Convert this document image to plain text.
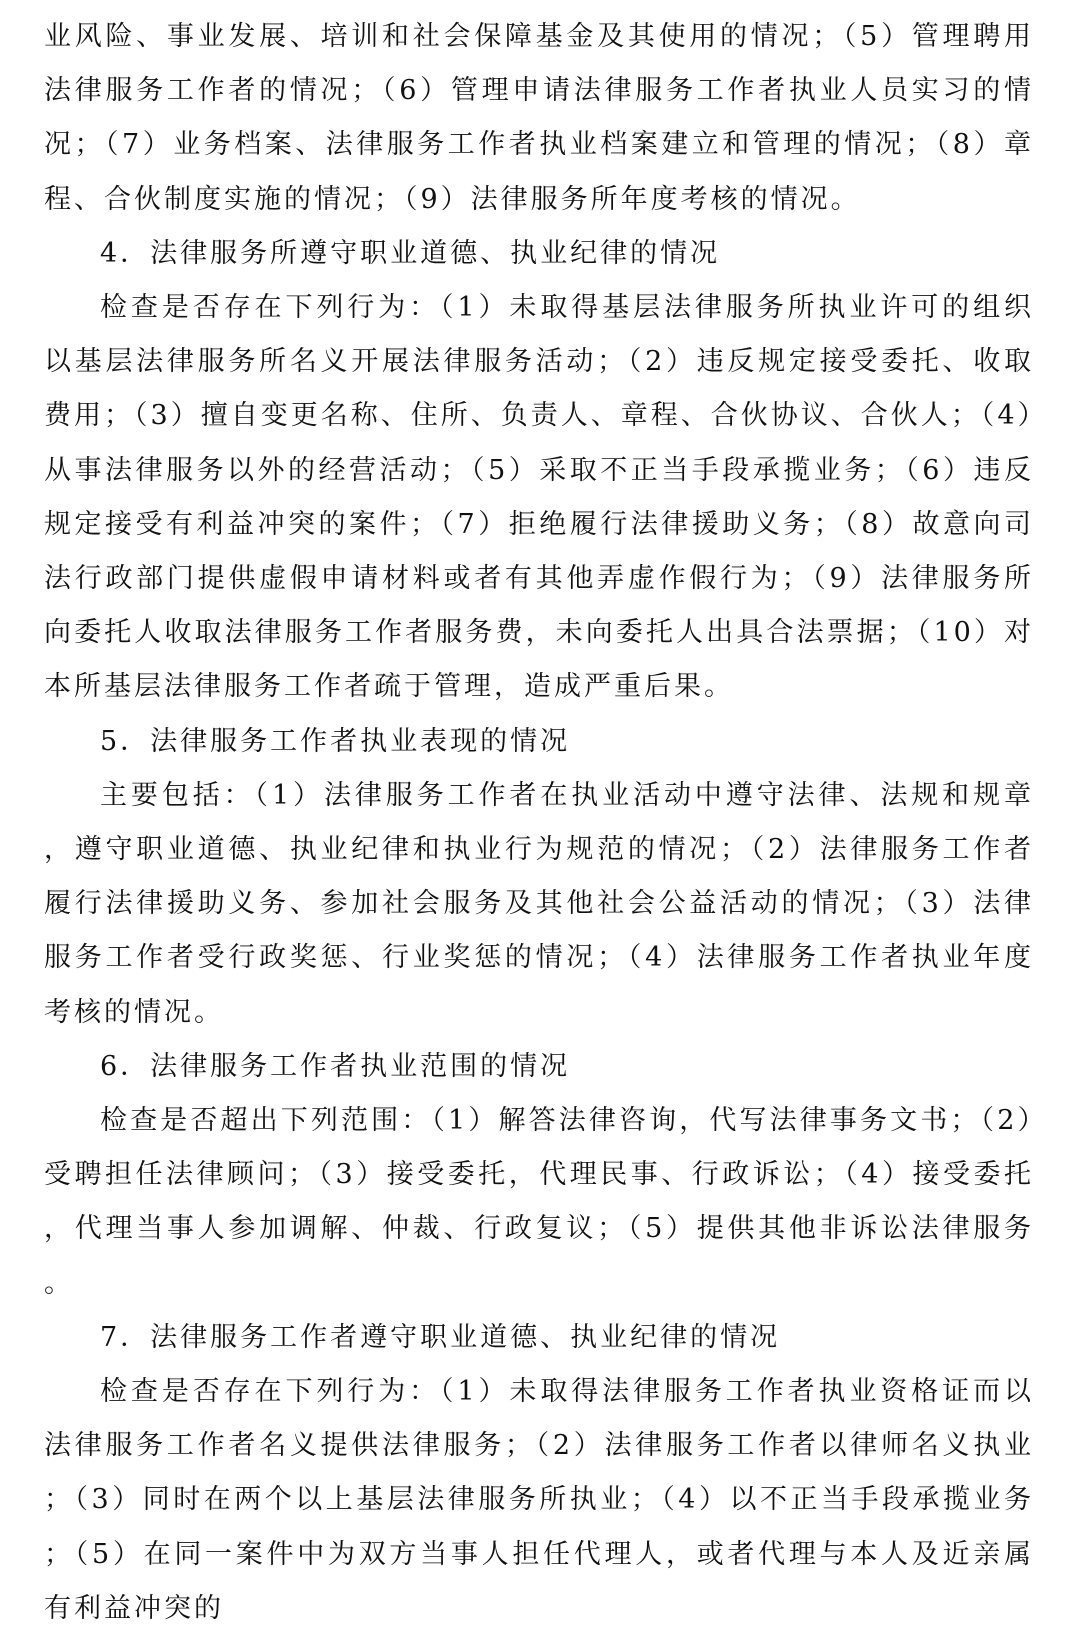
业风险、事业发展、培训和社会保障基金及其使用的情况；（5）管理聘用法律服务工作者的情况；（6）管理申请法律服务工作者执业人员实习的情况；（7）业务档案、法律服务工作者执业档案建立和管理的情况；（8）章程、合伙制度实施的情况；（9）法律服务所年度考核的情况。

4．法律服务所遵守职业道德、执业纪律的情况

检查是否存在下列行为：（1）未取得基层法律服务所执业许可的组织以基层法律服务所名义开展法律服务活动；（2）违反规定接受委托、收取费用；（3）擅自变更名称、住所、负责人、章程、合伙协议、合伙人；（4）从事法律服务以外的经营活动；（5）采取不正当手段承揽业务；（6）违反规定接受有利益冲突的案件；（7）拒绝履行法律援助义务；（8）故意向司法行政部门提供虚假申请材料或者有其他弄虚作假行为；（9）法律服务所向委托人收取法律服务工作者服务费，未向委托人出具合法票据；（10）对本所基层法律服务工作者疏于管理，造成严重后果。

5．法律服务工作者执业表现的情况

主要包括：（1）法律服务工作者在执业活动中遵守法律、法规和规章，遵守职业道德、执业纪律和执业行为规范的情况；（2）法律服务工作者履行法律援助义务、参加社会服务及其他社会公益活动的情况；（3）法律服务工作者受行政奖惩、行业奖惩的情况；（4）法律服务工作者执业年度考核的情况。

6．法律服务工作者执业范围的情况

检查是否超出下列范围：（1）解答法律咨询，代写法律事务文书；（2）受聘担任法律顾问；（3）接受委托，代理民事、行政诉讼；（4）接受委托，代理当事人参加调解、仲裁、行政复议；（5）提供其他非诉讼法律服务。

7．法律服务工作者遵守职业道德、执业纪律的情况

检查是否存在下列行为：（1）未取得法律服务工作者执业资格证而以法律服务工作者名义提供法律服务；（2）法律服务工作者以律师名义执业；（3）同时在两个以上基层法律服务所执业；（4）以不正当手段承揽业务；（5）在同一案件中为双方当事人担任代理人，或者代理与本人及近亲属有利益冲突的
